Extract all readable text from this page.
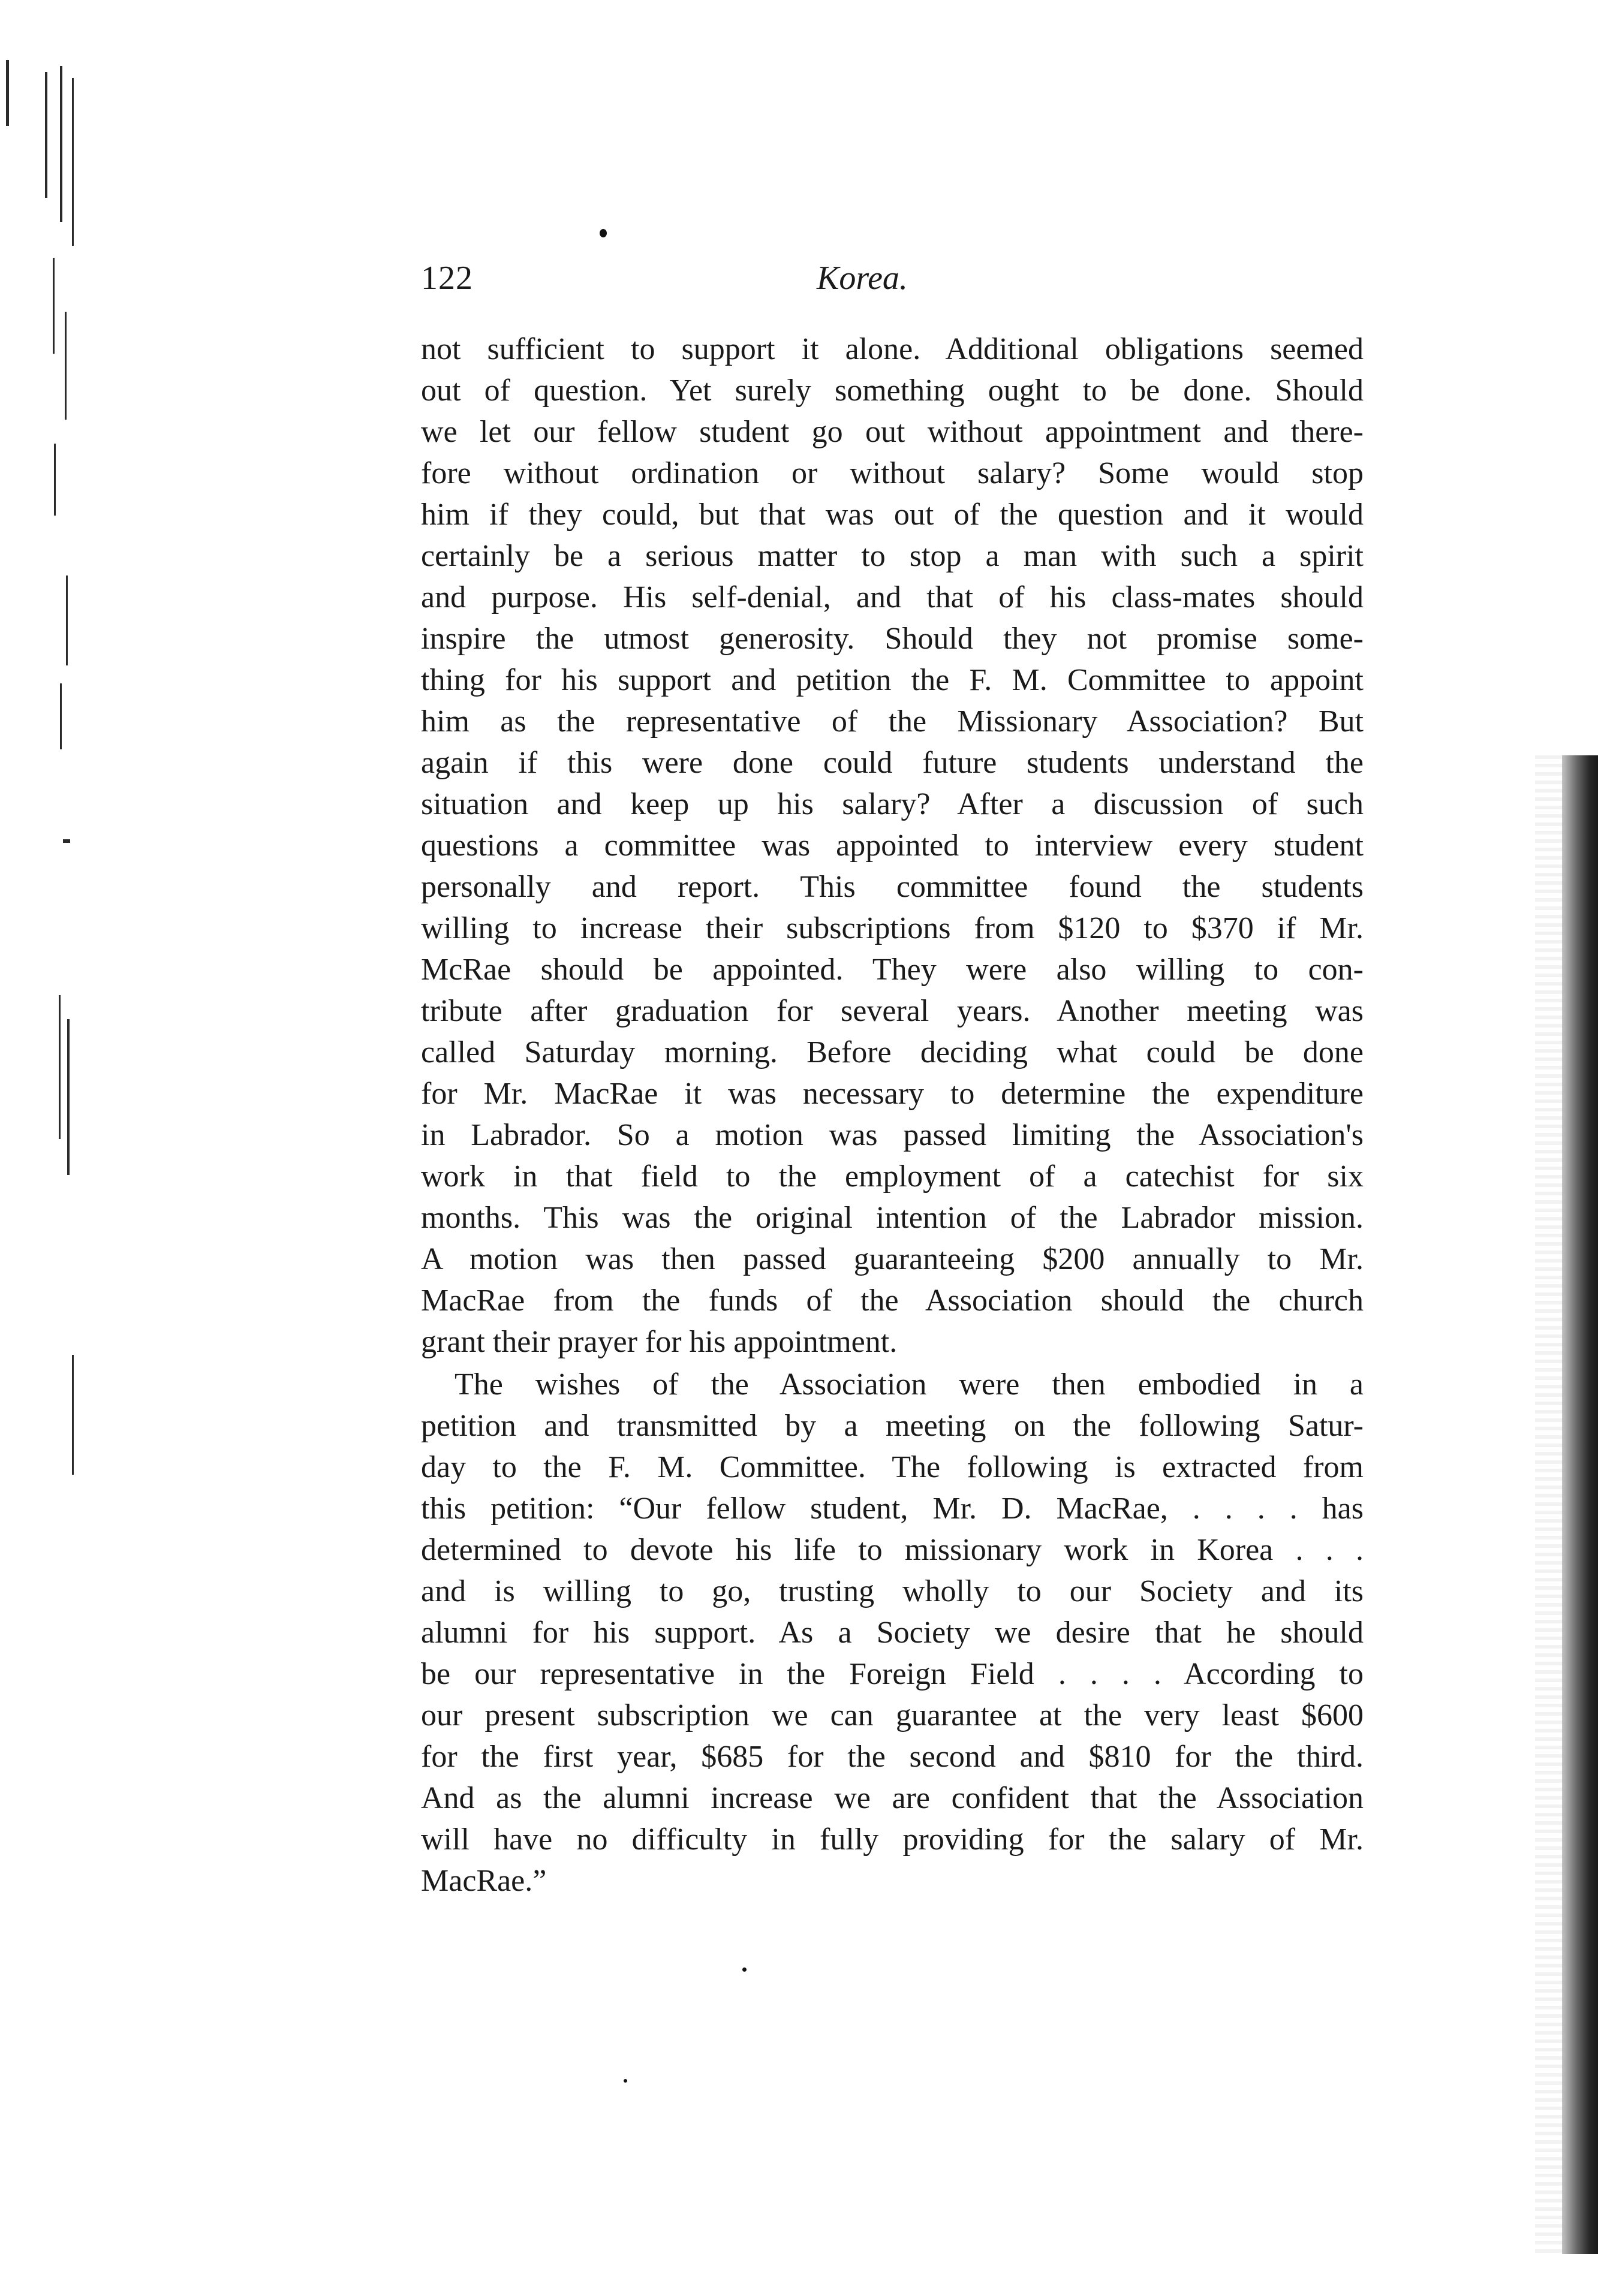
122	Korea.
not sufficient to support it alone. Additional obligations seemed
out of question. Yet surely something ought to be done. Should
we let our fellow student go out without appointment and there-
fore without ordination or without salary? Some would stop
him if they could, but that was out of the question and it would
certainly be a serious matter to stop a man with such a spirit
and purpose. His self-denial, and that of his class-mates should
inspire the utmost generosity. Should they not promise some-
thing for his support and petition the F. M. Committee to appoint
him as the representative of the Missionary Association? But
again if this were done could future students understand the
situation and keep up his salary? After a discussion of such
questions a committee was appointed to interview every student
personally and report. This committee found the students
willing to increase their subscriptions from $120 to $370 if Mr.
McRae should be appointed. They were also willing to con-
tribute after graduation for several years. Another meeting was
called Saturday morning. Before deciding what could be done
for Mr. MacRae it was necessary to determine the expenditure
in Labrador. So a motion was passed limiting the Association's
work in that field to the employment of a catechist for six
months. This was the original intention of the Labrador mission.
A motion was then passed guaranteeing $200 annually to Mr.
MacRae from the funds of the Association should the church
grant their prayer for his appointment.
The wishes of the Association were then embodied in a
petition and transmitted by a meeting on the following Satur-
day to the F. M. Committee. The following is extracted from
this petition: “Our fellow student, Mr. D. MacRae, . . . . has
determined to devote his life to missionary work in Korea . . .
and is willing to go, trusting wholly to our Society and its
alumni for his support. As a Society we desire that he should
be our representative in the Foreign Field . . . . According to
our present subscription we can guarantee at the very least $600
for the first year, $685 for the second and $810 for the third.
And as the alumni increase we are confident that the Association
will have no difficulty in fully providing for the salary of Mr.
MacRae.”
